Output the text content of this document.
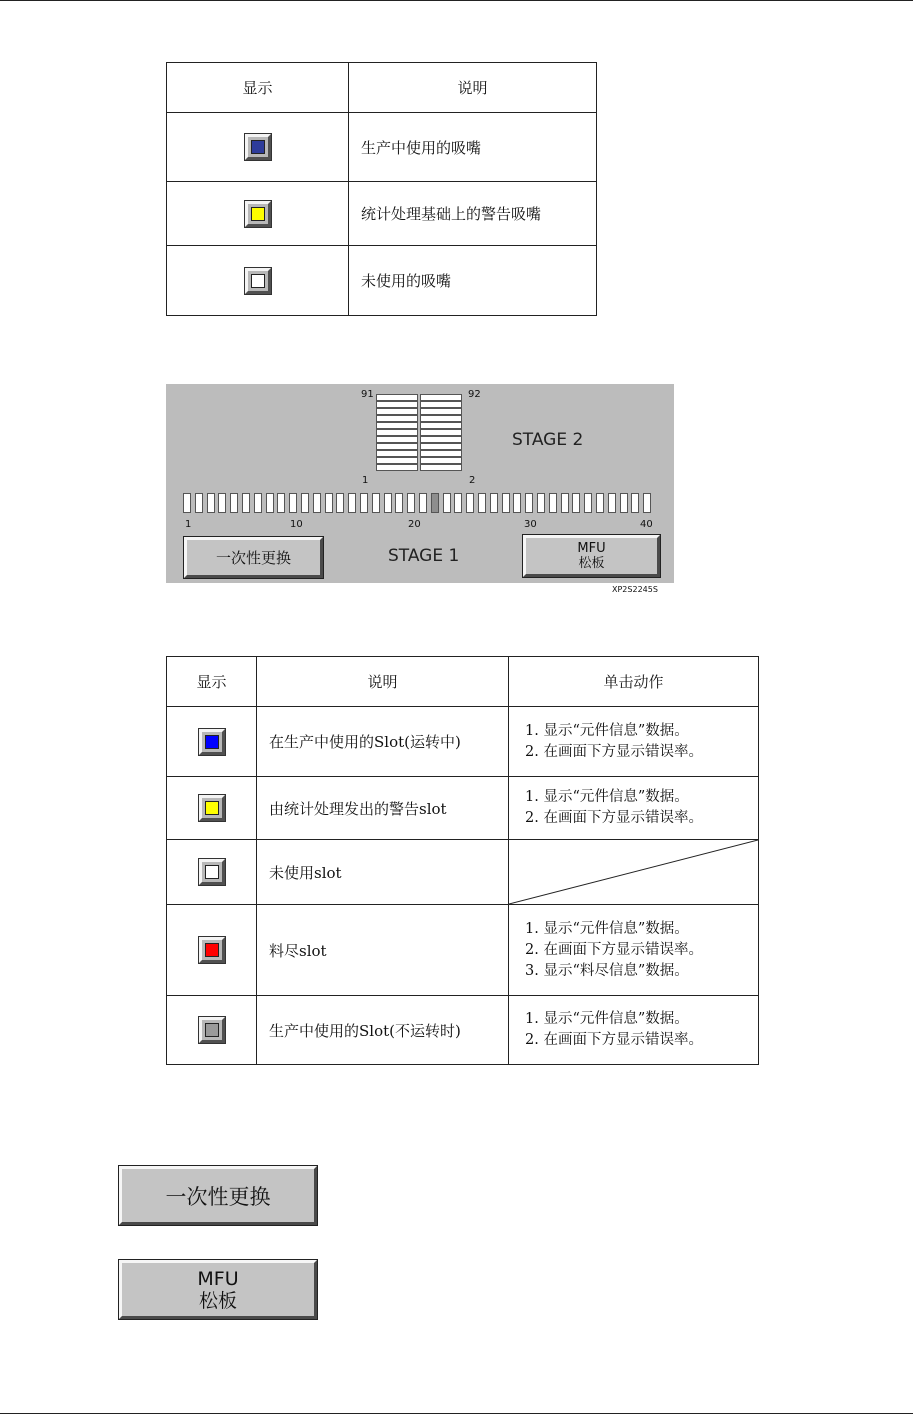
显示	说明

	生产中使用的吸嘴

	统计处理基础上的警告吸嘴

	未使用的吸嘴
91	92
1	2
STAGE 2
1	10	20	30	40
一次性更换	STAGE 1	MFU
松板
XP2S2245S
显示	说明	单击动作

	在生产中使用的Slot(运转中)	1. 显示“元件信息”数据。
2. 在画面下方显示错误率。

	由统计处理发出的警告slot	1. 显示“元件信息”数据。
2. 在画面下方显示错误率。

	未使用slot	

	料尽slot	1. 显示“元件信息”数据。
2. 在画面下方显示错误率。
3. 显示“料尽信息”数据。

	生产中使用的Slot(不运转时)	1. 显示“元件信息”数据。
2. 在画面下方显示错误率。
一次性更换
MFU
松板
